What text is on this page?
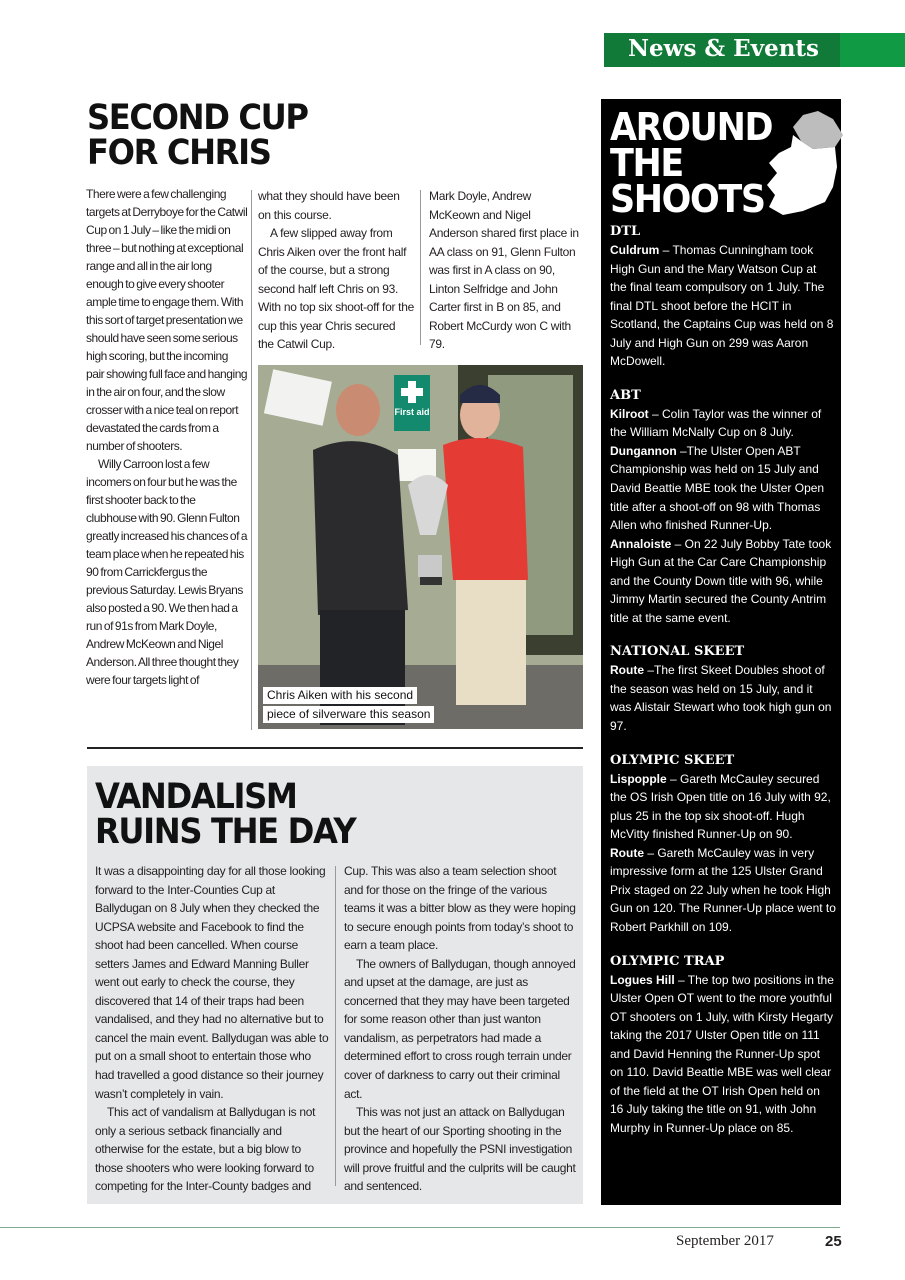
News & Events
SECOND CUP
FOR CHRIS

There were a few challenging targets at Derryboye for the Catwil Cup on 1 July – like the midi on three – but nothing at exceptional range and all in the air long enough to give every shooter ample time to engage them. With this sort of target presentation we should have seen some serious high scoring, but the incoming pair showing full face and hanging in the air on four, and the slow crosser with a nice teal on report devastated the cards from a number of shooters.

Willy Carroon lost a few incomers on four but he was the first shooter back to the clubhouse with 90. Glenn Fulton greatly increased his chances of a team place when he repeated his 90 from Carrickfergus the previous Saturday. Lewis Bryans also posted a 90. We then had a run of 91s from Mark Doyle, Andrew McKeown and Nigel Anderson. All three thought they were four targets light of

what they should have been on this course.

A few slipped away from Chris Aiken over the front half of the course, but a strong second half left Chris on 93. With no top six shoot-off for the cup this year Chris secured the Catwil Cup.

Mark Doyle, Andrew McKeown and Nigel Anderson shared first place in AA class on 91, Glenn Fulton was first in A class on 90, Linton Selfridge and John Carter first in B on 85, and Robert McCurdy won C with 79.

First aid
Chris Aiken with his second
piece of silverware this season
VANDALISM
RUINS THE DAY

It was a disappointing day for all those looking forward to the Inter-Counties Cup at Ballydugan on 8 July when they checked the UCPSA website and Facebook to find the shoot had been cancelled. When course setters James and Edward Manning Buller went out early to check the course, they discovered that 14 of their traps had been vandalised, and they had no alternative but to cancel the main event. Ballydugan was able to put on a small shoot to entertain those who had travelled a good distance so their journey wasn’t completely in vain.

This act of vandalism at Ballydugan is not only a serious setback financially and otherwise for the estate, but a big blow to those shooters who were looking forward to competing for the Inter-County badges and

Cup. This was also a team selection shoot and for those on the fringe of the various teams it was a bitter blow as they were hoping to secure enough points from today’s shoot to earn a team place.

The owners of Ballydugan, though annoyed and upset at the damage, are just as concerned that they may have been targeted for some reason other than just wanton vandalism, as perpetrators had made a determined effort to cross rough terrain under cover of darkness to carry out their criminal act.

This was not just an attack on Ballydugan but the heart of our Sporting shooting in the province and hopefully the PSNI investigation will prove fruitful and the culprits will be caught and sentenced.

AROUND
THE
SHOOTS
DTL
Culdrum – Thomas Cunningham took High Gun and the Mary Watson Cup at the final team compulsory on 1 July. The final DTL shoot before the HCIT in Scotland, the Captains Cup was held on 8 July and High Gun on 299 was Aaron McDowell.
ABT
Kilroot – Colin Taylor was the winner of the William McNally Cup on 8 July.
Dungannon –The Ulster Open ABT Championship was held on 15 July and David Beattie MBE took the Ulster Open title after a shoot-off on 98 with Thomas Allen who finished Runner-Up.
Annaloiste – On 22 July Bobby Tate took High Gun at the Car Care Championship and the County Down title with 96, while Jimmy Martin secured the County Antrim title at the same event.
NATIONAL SKEET
Route –The first Skeet Doubles shoot of the season was held on 15 July, and it was Alistair Stewart who took high gun on 97.
OLYMPIC SKEET
Lispopple – Gareth McCauley secured the OS Irish Open title on 16 July with 92, plus 25 in the top six shoot-off. Hugh McVitty finished Runner-Up on 90.
Route – Gareth McCauley was in very impressive form at the 125 Ulster Grand Prix staged on 22 July when he took High Gun on 120. The Runner-Up place went to Robert Parkhill on 109.
OLYMPIC TRAP
Logues Hill – The top two positions in the Ulster Open OT went to the more youthful OT shooters on 1 July, with Kirsty Hegarty taking the 2017 Ulster Open title on 111 and David Henning the Runner-Up spot on 110. David Beattie MBE was well clear of the field at the OT Irish Open held on 16 July taking the title on 91, with John Murphy in Runner-Up place on 85.
September 2017	25
